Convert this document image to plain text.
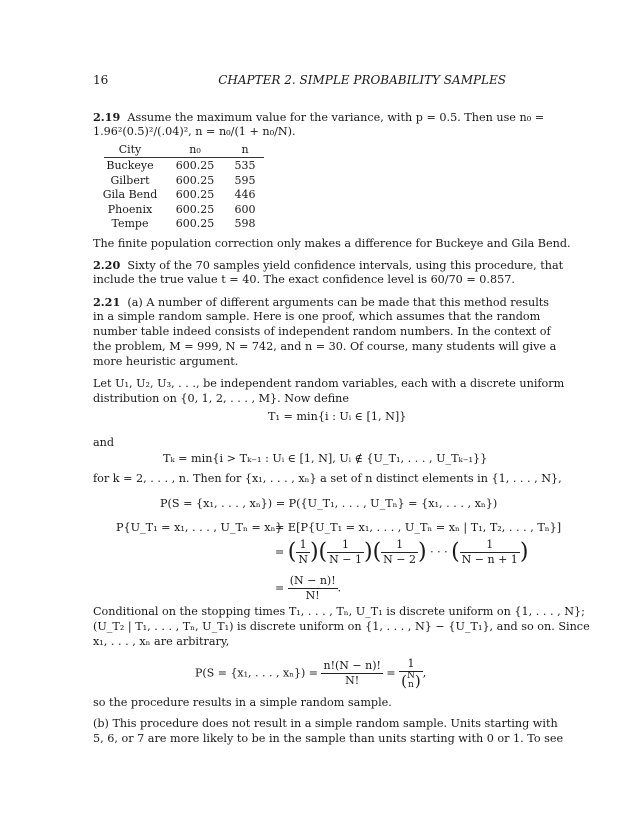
16	CHAPTER 2. SIMPLE PROBABILITY SAMPLES
2.19 Assume the maximum value for the variance, with p = 0.5. Then use n₀ =
1.96²(0.5)²/(.04)², n = n₀/(1 + n₀/N).
City	n₀	n
Buckeye	600.25	535
Gilbert	600.25	595
Gila Bend	600.25	446
Phoenix	600.25	600
Tempe	600.25	598
The finite population correction only makes a difference for Buckeye and Gila Bend.
2.20 Sixty of the 70 samples yield confidence intervals, using this procedure, that
include the true value t = 40. The exact confidence level is 60/70 = 0.857.
2.21 (a) A number of different arguments can be made that this method results
in a simple random sample. Here is one proof, which assumes that the random
number table indeed consists of independent random numbers. In the context of
the problem, M = 999, N = 742, and n = 30. Of course, many students will give a
more heuristic argument.
Let U₁, U₂, U₃, . . ., be independent random variables, each with a discrete uniform
distribution on {0, 1, 2, . . . , M}. Now define
T₁ = min{i : Uᵢ ∈ [1, N]}
and
Tₖ = min{i > Tₖ₋₁ : Uᵢ ∈ [1, N], Uᵢ ∉ {U_T₁, . . . , U_Tₖ₋₁}}
for k = 2, . . . , n. Then for {x₁, . . . , xₙ} a set of n distinct elements in {1, . . . , N},
P(S = {x₁, . . . , xₙ}) = P({U_T₁, . . . , U_Tₙ} = {x₁, . . . , xₙ})
P{U_T₁ = x₁, . . . , U_Tₙ = xₙ}
= E[P{U_T₁ = x₁, . . . , U_Tₙ = xₙ | T₁, T₂, . . . , Tₙ}]
= ( $\frac{1}{N}$ )( $\frac{1}{N - 1}$ )( $\frac{1}{N - 2}$ ) · · · ( $\frac{1}{N - n + 1}$ )
= $\frac{(N - n)!}{N!}$ .
Conditional on the stopping times T₁, . . . , Tₙ, U_T₁ is discrete uniform on {1, . . . , N};
(U_T₂ | T₁, . . . , Tₙ, U_T₁) is discrete uniform on {1, . . . , N} − {U_T₁}, and so on. Since
x₁, . . . , xₙ are arbitrary,
P(S = {x₁, . . . , $x_n\}) = \frac{n!(N - n)!}{N!} = 1$
( N
n ) ,
so the procedure results in a simple random sample.
(b) This procedure does not result in a simple random sample. Units starting with
5, 6, or 7 are more likely to be in the sample than units starting with 0 or 1. To see
